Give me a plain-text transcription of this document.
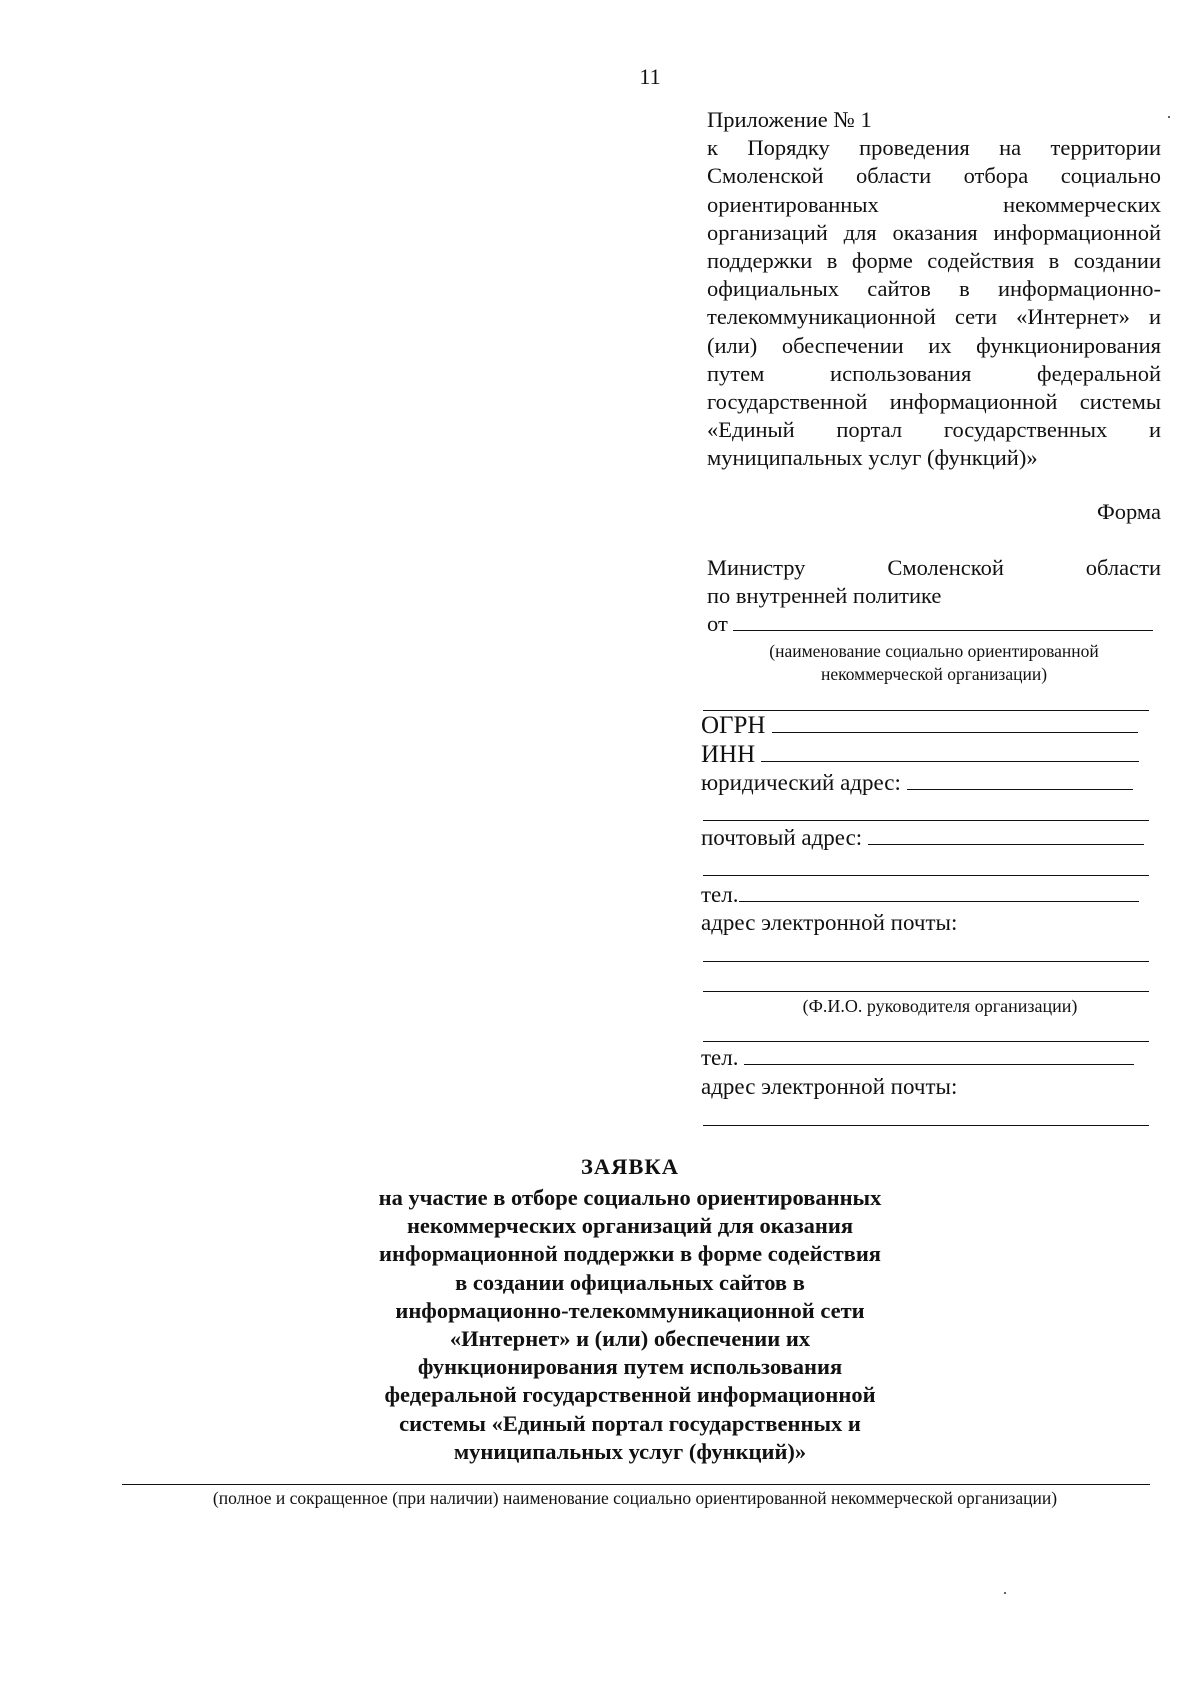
11
Приложение № 1
к Порядку проведения на территории
Смоленской области отбора социально
ориентированных некоммерческих
организаций для оказания информационной
поддержки в форме содействия в создании
официальных сайтов в информационно-
телекоммуникационной сети «Интернет» и
(или) обеспечении их функционирования
путем использования федеральной
государственной информационной системы
«Единый портал государственных и
муниципальных услуг (функций)»
Форма
Министру Смоленской области
по внутренней политике
от
(наименование социально ориентированной
некоммерческой организации)
ОГРН
ИНН
юридический адрес:
почтовый адрес:
тел.
адрес электронной почты:
(Ф.И.О. руководителя организации)
тел.
адрес электронной почты:
ЗАЯВКА
на участие в отборе социально ориентированных
некоммерческих организаций для оказания
информационной поддержки в форме содействия
в создании официальных сайтов в
информационно-телекоммуникационной сети
«Интернет» и (или) обеспечении их
функционирования путем использования
федеральной государственной информационной
системы «Единый портал государственных и
муниципальных услуг (функций)»
(полное и сокращенное (при наличии) наименование социально ориентированной некоммерческой организации)
